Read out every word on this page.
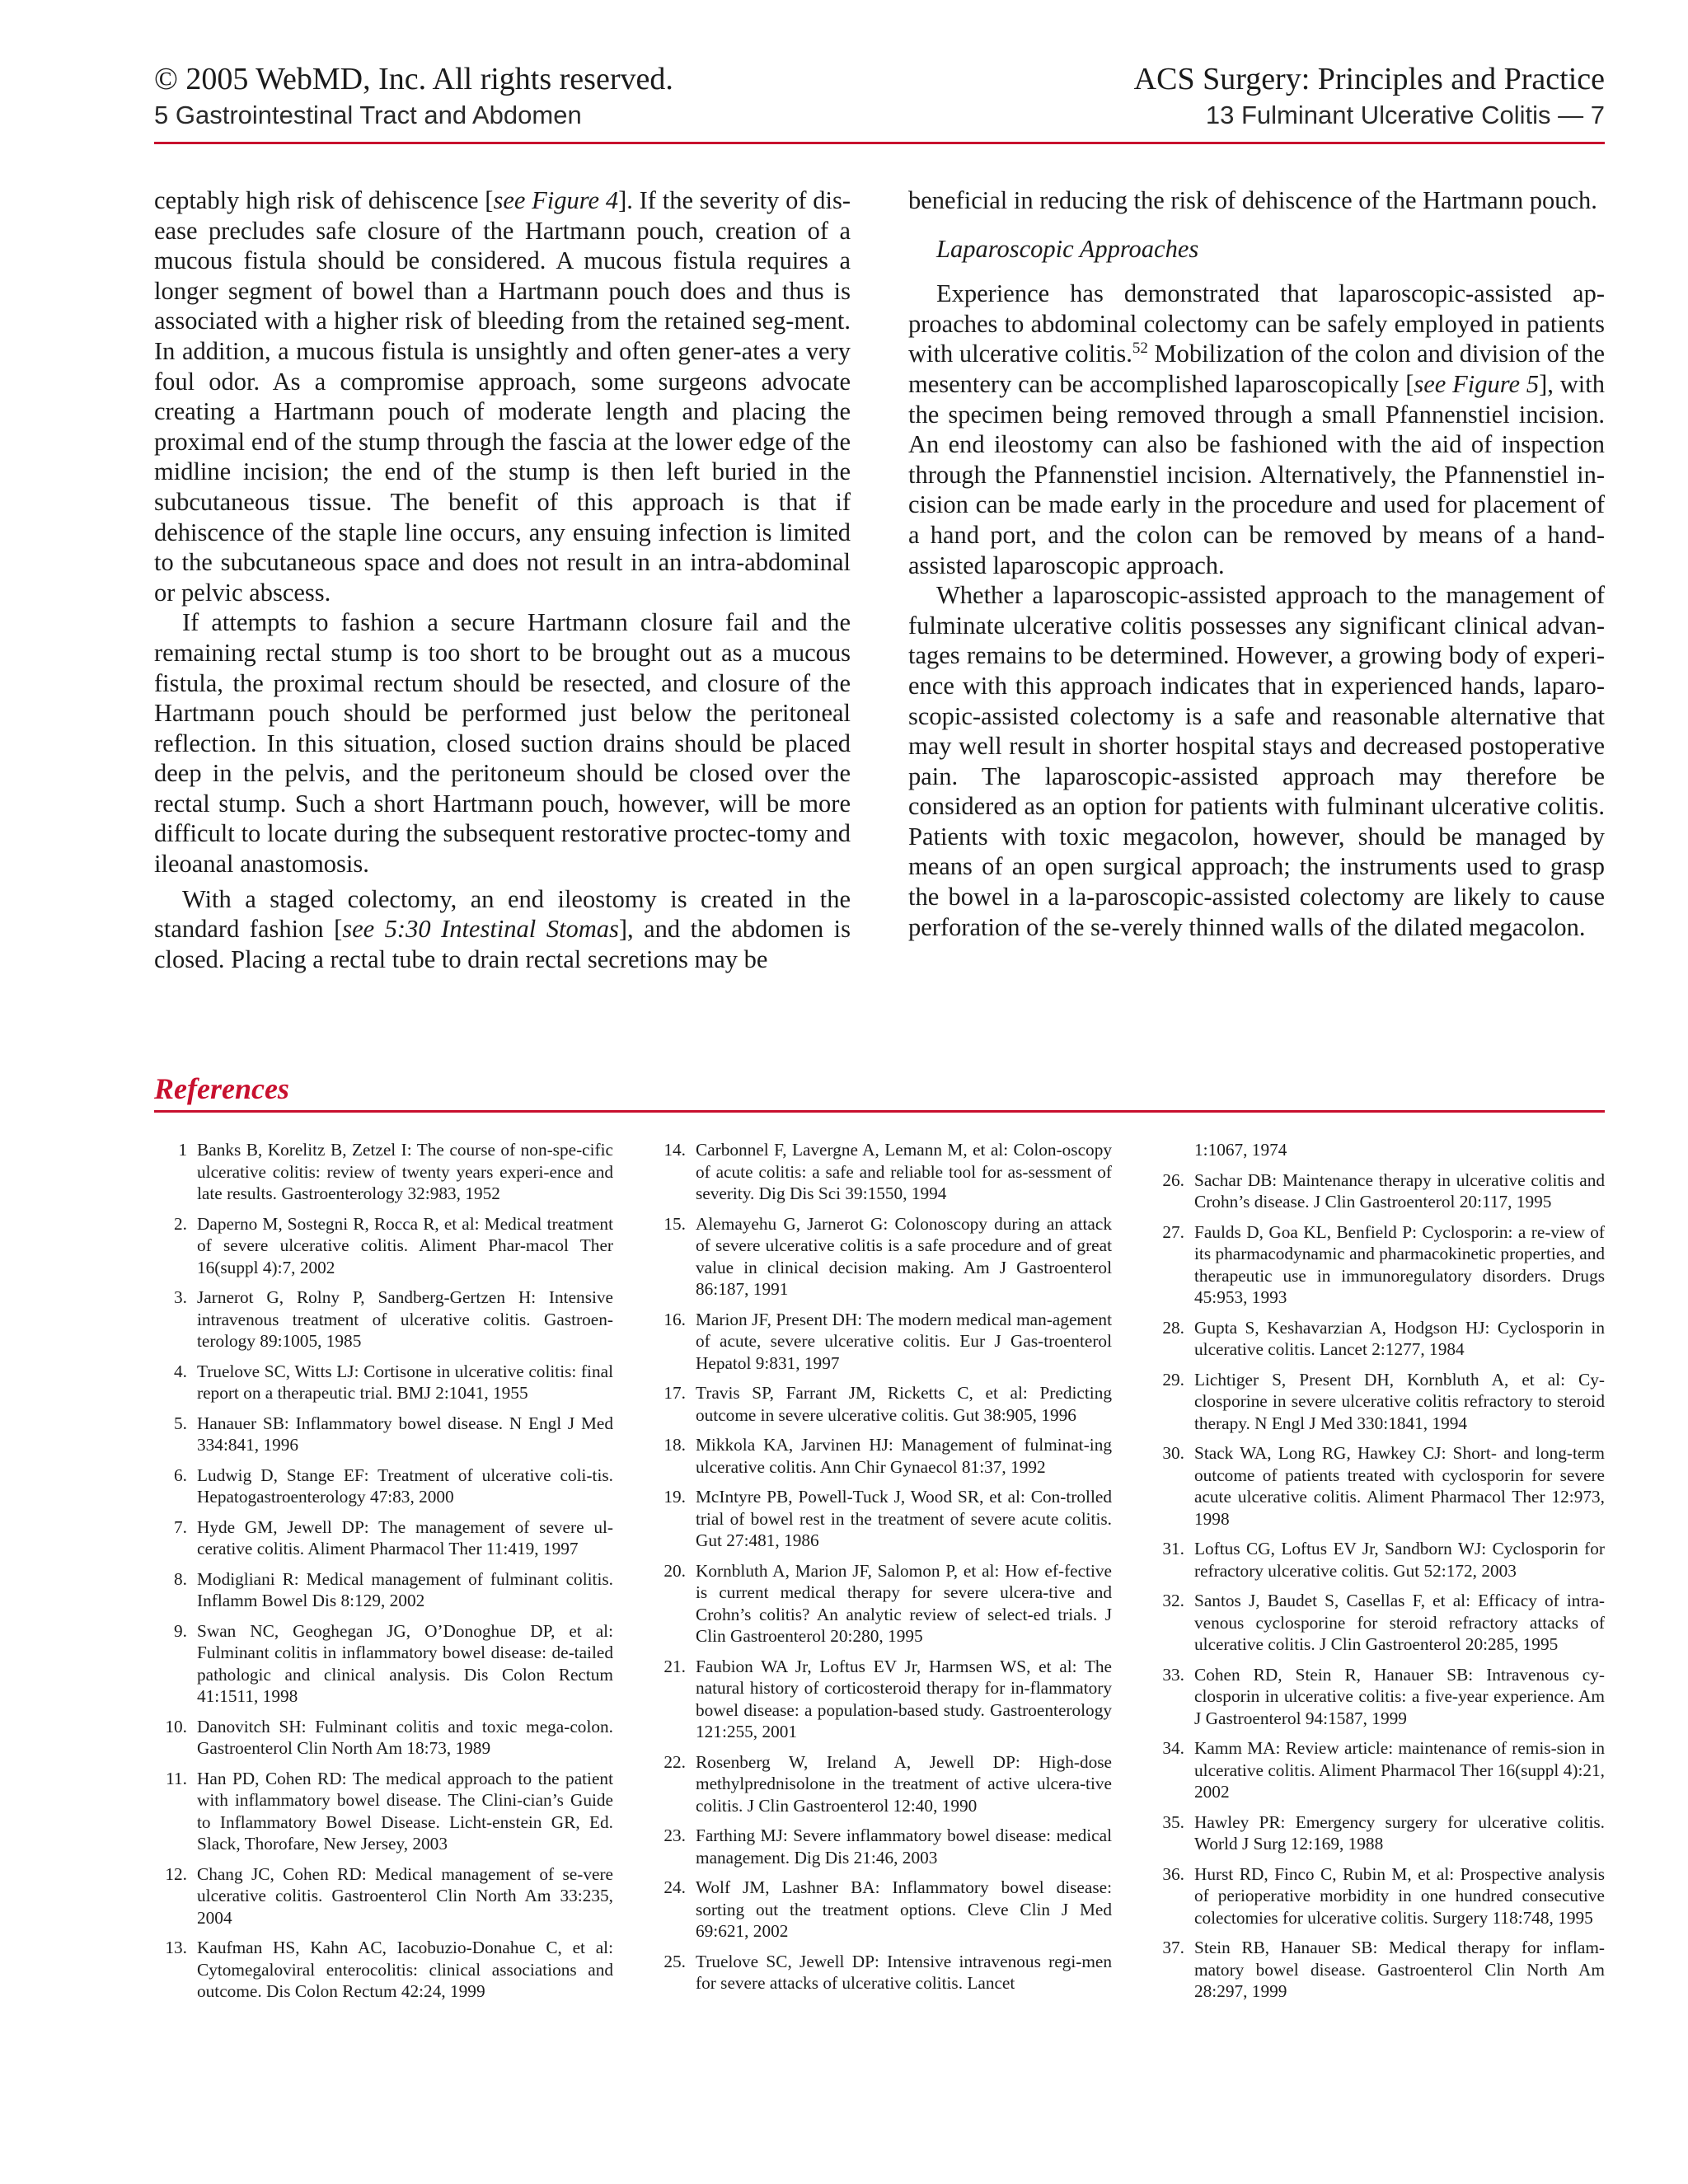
© 2005 WebMD, Inc. All rights reserved.
5 Gastrointestinal Tract and Abdomen
ACS Surgery: Principles and Practice
13 Fulminant Ulcerative Colitis — 7

ceptably high risk of dehiscence [see Figure 4]. If the severity of dis-ease precludes safe closure of the Hartmann pouch, creation of a mucous fistula should be considered. A mucous fistula requires a longer segment of bowel than a Hartmann pouch does and thus is associated with a higher risk of bleeding from the retained seg-ment. In addition, a mucous fistula is unsightly and often gener-ates a very foul odor. As a compromise approach, some surgeons advocate creating a Hartmann pouch of moderate length and placing the proximal end of the stump through the fascia at the lower edge of the midline incision; the end of the stump is then left buried in the subcutaneous tissue. The benefit of this approach is that if dehiscence of the staple line occurs, any ensuing infection is limited to the subcutaneous space and does not result in an intra-abdominal or pelvic abscess.

If attempts to fashion a secure Hartmann closure fail and the remaining rectal stump is too short to be brought out as a mucous fistula, the proximal rectum should be resected, and closure of the Hartmann pouch should be performed just below the peritoneal reflection. In this situation, closed suction drains should be placed deep in the pelvis, and the peritoneum should be closed over the rectal stump. Such a short Hartmann pouch, however, will be more difficult to locate during the subsequent restorative proctec-tomy and ileoanal anastomosis.

With a staged colectomy, an end ileostomy is created in the standard fashion [see 5:30 Intestinal Stomas], and the abdomen is closed. Placing a rectal tube to drain rectal secretions may be

beneficial in reducing the risk of dehiscence of the Hartmann pouch.

Laparoscopic Approaches

Experience has demonstrated that laparoscopic-assisted ap-proaches to abdominal colectomy can be safely employed in patients with ulcerative colitis.$^{52}$ Mobilization of the colon and division of the mesentery can be accomplished laparoscopically [see Figure 5], with the specimen being removed through a small Pfannenstiel incision. An end ileostomy can also be fashioned with the aid of inspection through the Pfannenstiel incision. Alternatively, the Pfannenstiel in-cision can be made early in the procedure and used for placement of a hand port, and the colon can be removed by means of a hand-assisted laparoscopic approach.

Whether a laparoscopic-assisted approach to the management of fulminate ulcerative colitis possesses any significant clinical advan-tages remains to be determined. However, a growing body of experi-ence with this approach indicates that in experienced hands, laparo-scopic-assisted colectomy is a safe and reasonable alternative that may well result in shorter hospital stays and decreased postoperative pain. The laparoscopic-assisted approach may therefore be considered as an option for patients with fulminant ulcerative colitis. Patients with toxic megacolon, however, should be managed by means of an open surgical approach; the instruments used to grasp the bowel in a la-paroscopic-assisted colectomy are likely to cause perforation of the se-verely thinned walls of the dilated megacolon.

References
1 Banks B, Korelitz B, Zetzel I: The course of non-spe-cific ulcerative colitis: review of twenty years experi-ence and late results. Gastroenterology 32:983, 1952
2. Daperno M, Sostegni R, Rocca R, et al: Medical treatment of severe ulcerative colitis. Aliment Phar-macol Ther 16(suppl 4):7, 2002
3. Jarnerot G, Rolny P, Sandberg-Gertzen H: Intensive intravenous treatment of ulcerative colitis. Gastroen-terology 89:1005, 1985
4. Truelove SC, Witts LJ: Cortisone in ulcerative colitis: final report on a therapeutic trial. BMJ 2:1041, 1955
5. Hanauer SB: Inflammatory bowel disease. N Engl J Med 334:841, 1996
6. Ludwig D, Stange EF: Treatment of ulcerative coli-tis. Hepatogastroenterology 47:83, 2000
7. Hyde GM, Jewell DP: The management of severe ul-cerative colitis. Aliment Pharmacol Ther 11:419, 1997
8. Modigliani R: Medical management of fulminant colitis. Inflamm Bowel Dis 8:129, 2002
9. Swan NC, Geoghegan JG, O’Donoghue DP, et al: Fulminant colitis in inflammatory bowel disease: de-tailed pathologic and clinical analysis. Dis Colon Rectum 41:1511, 1998
10. Danovitch SH: Fulminant colitis and toxic mega-colon. Gastroenterol Clin North Am 18:73, 1989
11. Han PD, Cohen RD: The medical approach to the patient with inflammatory bowel disease. The Clini-cian’s Guide to Inflammatory Bowel Disease. Licht-enstein GR, Ed. Slack, Thorofare, New Jersey, 2003
12. Chang JC, Cohen RD: Medical management of se-vere ulcerative colitis. Gastroenterol Clin North Am 33:235, 2004
13. Kaufman HS, Kahn AC, Iacobuzio-Donahue C, et al: Cytomegaloviral enterocolitis: clinical associations and outcome. Dis Colon Rectum 42:24, 1999
14. Carbonnel F, Lavergne A, Lemann M, et al: Colon-oscopy of acute colitis: a safe and reliable tool for as-sessment of severity. Dig Dis Sci 39:1550, 1994
15. Alemayehu G, Jarnerot G: Colonoscopy during an attack of severe ulcerative colitis is a safe procedure and of great value in clinical decision making. Am J Gastroenterol 86:187, 1991
16. Marion JF, Present DH: The modern medical man-agement of acute, severe ulcerative colitis. Eur J Gas-troenterol Hepatol 9:831, 1997
17. Travis SP, Farrant JM, Ricketts C, et al: Predicting outcome in severe ulcerative colitis. Gut 38:905, 1996
18. Mikkola KA, Jarvinen HJ: Management of fulminat-ing ulcerative colitis. Ann Chir Gynaecol 81:37, 1992
19. McIntyre PB, Powell-Tuck J, Wood SR, et al: Con-trolled trial of bowel rest in the treatment of severe acute colitis. Gut 27:481, 1986
20. Kornbluth A, Marion JF, Salomon P, et al: How ef-fective is current medical therapy for severe ulcera-tive and Crohn’s colitis? An analytic review of select-ed trials. J Clin Gastroenterol 20:280, 1995
21. Faubion WA Jr, Loftus EV Jr, Harmsen WS, et al: The natural history of corticosteroid therapy for in-flammatory bowel disease: a population-based study. Gastroenterology 121:255, 2001
22. Rosenberg W, Ireland A, Jewell DP: High-dose methylprednisolone in the treatment of active ulcera-tive colitis. J Clin Gastroenterol 12:40, 1990
23. Farthing MJ: Severe inflammatory bowel disease: medical management. Dig Dis 21:46, 2003
24. Wolf JM, Lashner BA: Inflammatory bowel disease: sorting out the treatment options. Cleve Clin J Med 69:621, 2002
25. Truelove SC, Jewell DP: Intensive intravenous regi-men for severe attacks of ulcerative colitis. Lancet
1:1067, 1974
26. Sachar DB: Maintenance therapy in ulcerative colitis and Crohn’s disease. J Clin Gastroenterol 20:117, 1995
27. Faulds D, Goa KL, Benfield P: Cyclosporin: a re-view of its pharmacodynamic and pharmacokinetic properties, and therapeutic use in immunoregulatory disorders. Drugs 45:953, 1993
28. Gupta S, Keshavarzian A, Hodgson HJ: Cyclosporin in ulcerative colitis. Lancet 2:1277, 1984
29. Lichtiger S, Present DH, Kornbluth A, et al: Cy-closporine in severe ulcerative colitis refractory to steroid therapy. N Engl J Med 330:1841, 1994
30. Stack WA, Long RG, Hawkey CJ: Short- and long-term outcome of patients treated with cyclosporin for severe acute ulcerative colitis. Aliment Pharmacol Ther 12:973, 1998
31. Loftus CG, Loftus EV Jr, Sandborn WJ: Cyclosporin for refractory ulcerative colitis. Gut 52:172, 2003
32. Santos J, Baudet S, Casellas F, et al: Efficacy of intra-venous cyclosporine for steroid refractory attacks of ulcerative colitis. J Clin Gastroenterol 20:285, 1995
33. Cohen RD, Stein R, Hanauer SB: Intravenous cy-closporin in ulcerative colitis: a five-year experience. Am J Gastroenterol 94:1587, 1999
34. Kamm MA: Review article: maintenance of remis-sion in ulcerative colitis. Aliment Pharmacol Ther 16(suppl 4):21, 2002
35. Hawley PR: Emergency surgery for ulcerative colitis. World J Surg 12:169, 1988
36. Hurst RD, Finco C, Rubin M, et al: Prospective analysis of perioperative morbidity in one hundred consecutive colectomies for ulcerative colitis. Surgery 118:748, 1995
37. Stein RB, Hanauer SB: Medical therapy for inflam-matory bowel disease. Gastroenterol Clin North Am 28:297, 1999
